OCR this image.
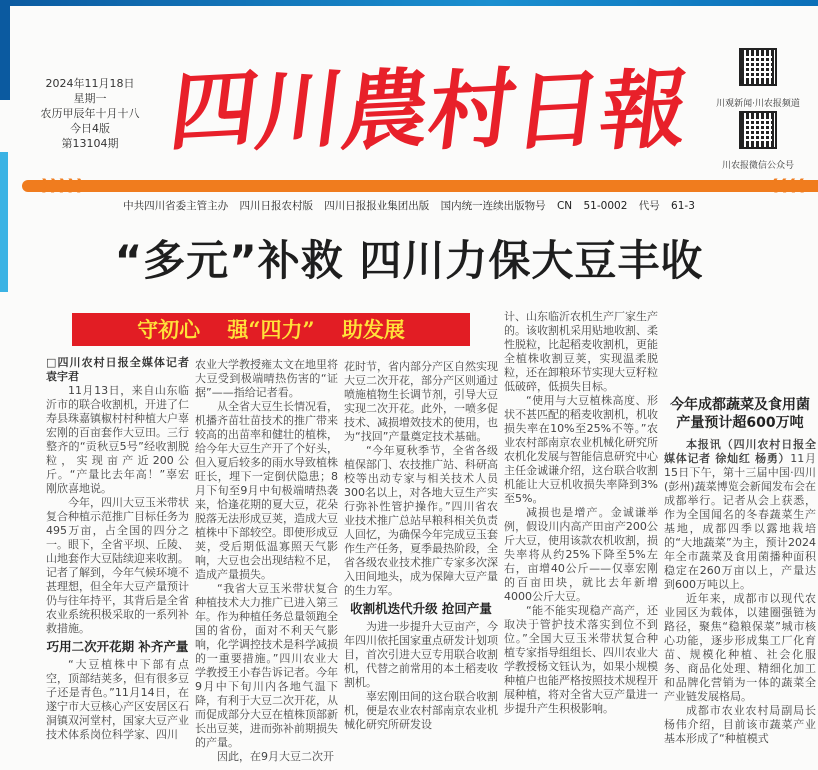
2024年11月18日
星期一
农历甲辰年十月十八
今日4版
第13104期 四
川
農
村
日
報	川观新闻·川农报频道
川农报微信公众号
❯❯❯❯❯	❮❮❮❮
中共四川省委主管主办 四川日报农村版 四川日报报业集团出版 国内统一连续出版物号 CN 51-0002 代号 61-3
“多元”补救 四川力保大豆丰收
守初心 强“四力” 助发展
□四川农村日报全媒体记者 袁宇君

11月13日，来自山东临沂市的联合收割机，开进了仁寿县珠嘉镇椒村村种植大户辜宏刚的百亩套作大豆田。三行整齐的“贡秋豆5号”经收割脱粒，实现亩产近200公斤。“产量比去年高！”辜宏刚欣喜地说。

今年，四川大豆玉米带状复合种植示范推广目标任务为495万亩，占全国的四分之一。眼下，全省平坝、丘陵、山地套作大豆陆续迎来收割。记者了解到，今年气候环境不甚理想，但全年大豆产量预计仍与往年持平，其背后是全省农业系统积极采取的一系列补救措施。

巧用二次开花期 补齐产量

“大豆植株中下部有点空，顶部结荚多，但有很多豆子还是青色。”11月14日，在遂宁市大豆核心产区安居区石洞镇双河堂村，国家大豆产业技术体系岗位科学家、四川

农业大学教授雍太文在地里将大豆受到极端晴热伤害的“证据”——指给记者看。

从全省大豆生长情况看，机播齐苗壮苗技术的推广带来较高的出苗率和健壮的植株，给今年大豆生产开了个好头，但入夏后较多的雨水导致植株旺长，埋下一定倒伏隐患；8月下旬至9月中旬极端晴热袭来，恰逢花期的夏大豆，花朵脱落无法形成豆荚，造成大豆植株中下部较空。即使形成豆荚，受后期低温寡照天气影响，大豆也会出现结粒不足，造成产量损失。

“我省大豆玉米带状复合种植技术大力推广已进入第三年。作为种植任务总量领跑全国的省份，面对不利天气影响，化学调控技术是科学减损的一重要措施。”四川农业大学教授王小春告诉记者。今年9月中下旬川内各地气温下降，有利于大豆二次开花，从而促成部分大豆在植株顶部新长出豆荚，进而弥补前期损失的产量。

因此，在9月大豆二次开

花时节，省内部分产区自然实现大豆二次开花，部分产区则通过喷施植物生长调节剂，引导大豆实现二次开花。此外，一喷多促技术、减损增效技术的使用，也为“找回”产量奠定技术基础。

“今年夏秋季节，全省各级植保部门、农技推广站、科研高校等出动专家与相关技术人员300名以上，对各地大豆生产实行弥补性管护操作。”四川省农业技术推广总站早粮科相关负责人回忆，为确保今年完成豆玉套作生产任务，夏季最热阶段，全省各级农业技术推广专家多次深入田间地头，成为保障大豆产量的生力军。

收割机迭代升级 抢回产量

为进一步提升大豆亩产，今年四川依托国家重点研发计划项目，首次引进大豆专用联合收割机，代替之前常用的本土稻麦收割机。

辜宏刚田间的这台联合收割机，便是农业农村部南京农业机械化研究所研发设

计、山东临沂农机生产厂家生产的。该收割机采用贴地收割、柔性脱粒，比起稻麦收割机，更能全植株收割豆荚，实现温柔脱粒，还在卸粮环节实现大豆籽粒低破碎，低损失目标。

“使用与大豆植株高度、形状不甚匹配的稻麦收割机，机收损失率在10%至25%不等。”农业农村部南京农业机械化研究所农机化发展与智能信息研究中心主任金诚谦介绍，这台联合收割机能让大豆机收损失率降到3%至5%。

减损也是增产。金诚谦举例，假设川内高产田亩产200公斤大豆，使用该款农机收割，损失率将从约25%下降至5%左右，亩增40公斤——仅辜宏刚的百亩田块，就比去年新增4000公斤大豆。

“能不能实现稳产高产，还取决于管护技术落实到位不到位。”全国大豆玉米带状复合种植专家指导组组长、四川农业大学教授杨文钰认为，如果小规模种植户也能严格按照技术规程开展种植，将对全省大豆产量进一步提升产生积极影响。

今年成都蔬菜及食用菌产量预计超600万吨

本报讯（四川农村日报全媒体记者 徐灿红 杨勇）11月15日下午，第十三届中国·四川(彭州)蔬菜博览会新闻发布会在成都举行。记者从会上获悉，作为全国闻名的冬春蔬菜生产基地，成都四季以露地栽培的“大地蔬菜”为主，预计2024年全市蔬菜及食用菌播种面积稳定在260万亩以上，产量达到600万吨以上。

近年来，成都市以现代农业园区为载体，以建圈强链为路径，聚焦“稳粮保菜”城市核心功能，逐步形成集工厂化育苗、规模化种植、社会化服务、商品化处理、精细化加工和品牌化营销为一体的蔬菜全产业链发展格局。

成都市农业农村局副局长杨伟介绍，目前该市蔬菜产业基本形成了“种植模式
